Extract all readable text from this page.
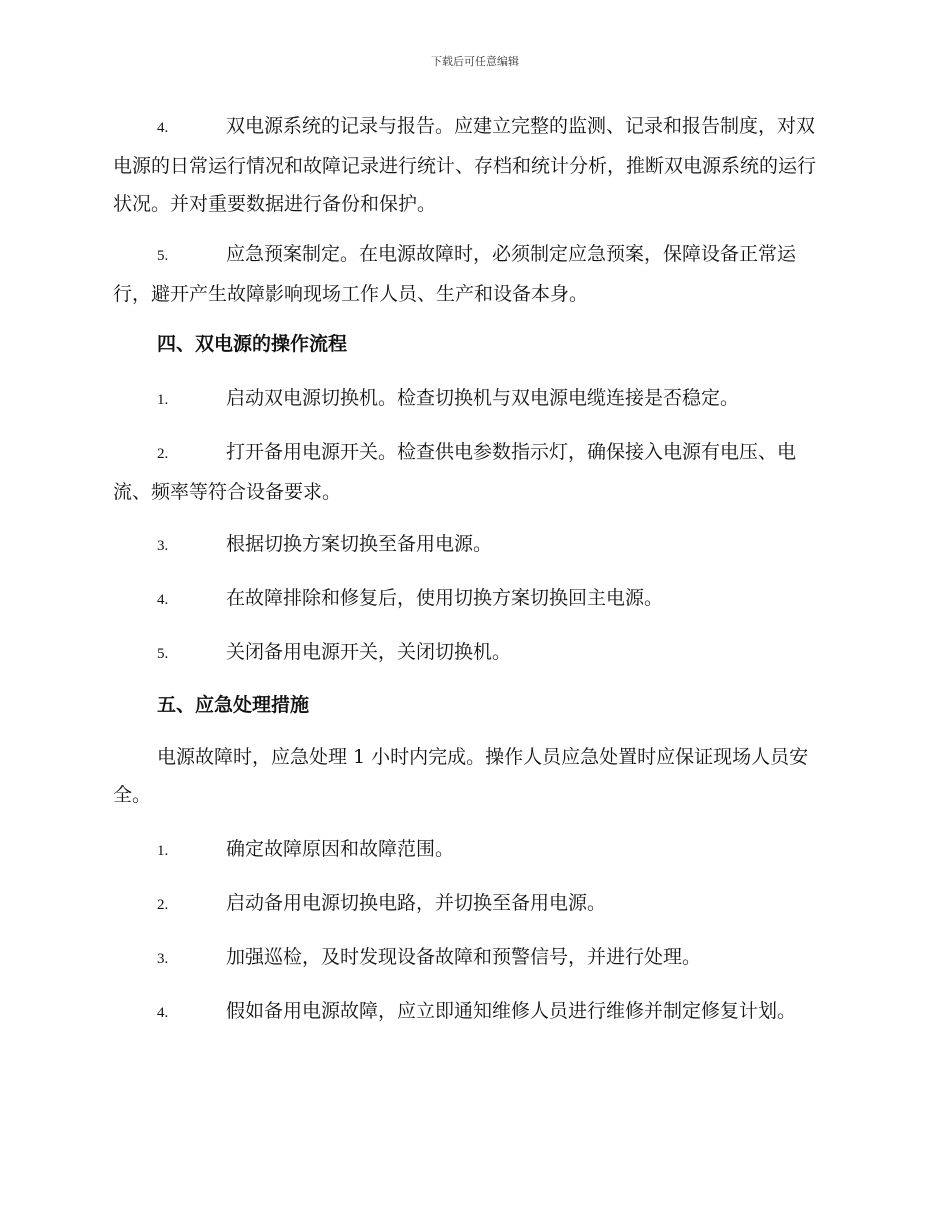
下载后可任意编辑
4.	双电源系统的记录与报告。应建立完整的监测、记录和报告制度，对双电源的日常运行情况和故障记录进行统计、存档和统计分析，推断双电源系统的运行状况。并对重要数据进行备份和保护。
5.	应急预案制定。在电源故障时，必须制定应急预案，保障设备正常运行，避开产生故障影响现场工作人员、生产和设备本身。
四、双电源的操作流程
1.	启动双电源切换机。检查切换机与双电源电缆连接是否稳定。
2.	打开备用电源开关。检查供电参数指示灯，确保接入电源有电压、电流、频率等符合设备要求。
3.	根据切换方案切换至备用电源。
4.	在故障排除和修复后，使用切换方案切换回主电源。
5.	关闭备用电源开关，关闭切换机。
五、应急处理措施
电源故障时，应急处理 1 小时内完成。操作人员应急处置时应保证现场人员安全。
1.	确定故障原因和故障范围。
2.	启动备用电源切换电路，并切换至备用电源。
3.	加强巡检，及时发现设备故障和预警信号，并进行处理。
4.	假如备用电源故障，应立即通知维修人员进行维修并制定修复计划。
